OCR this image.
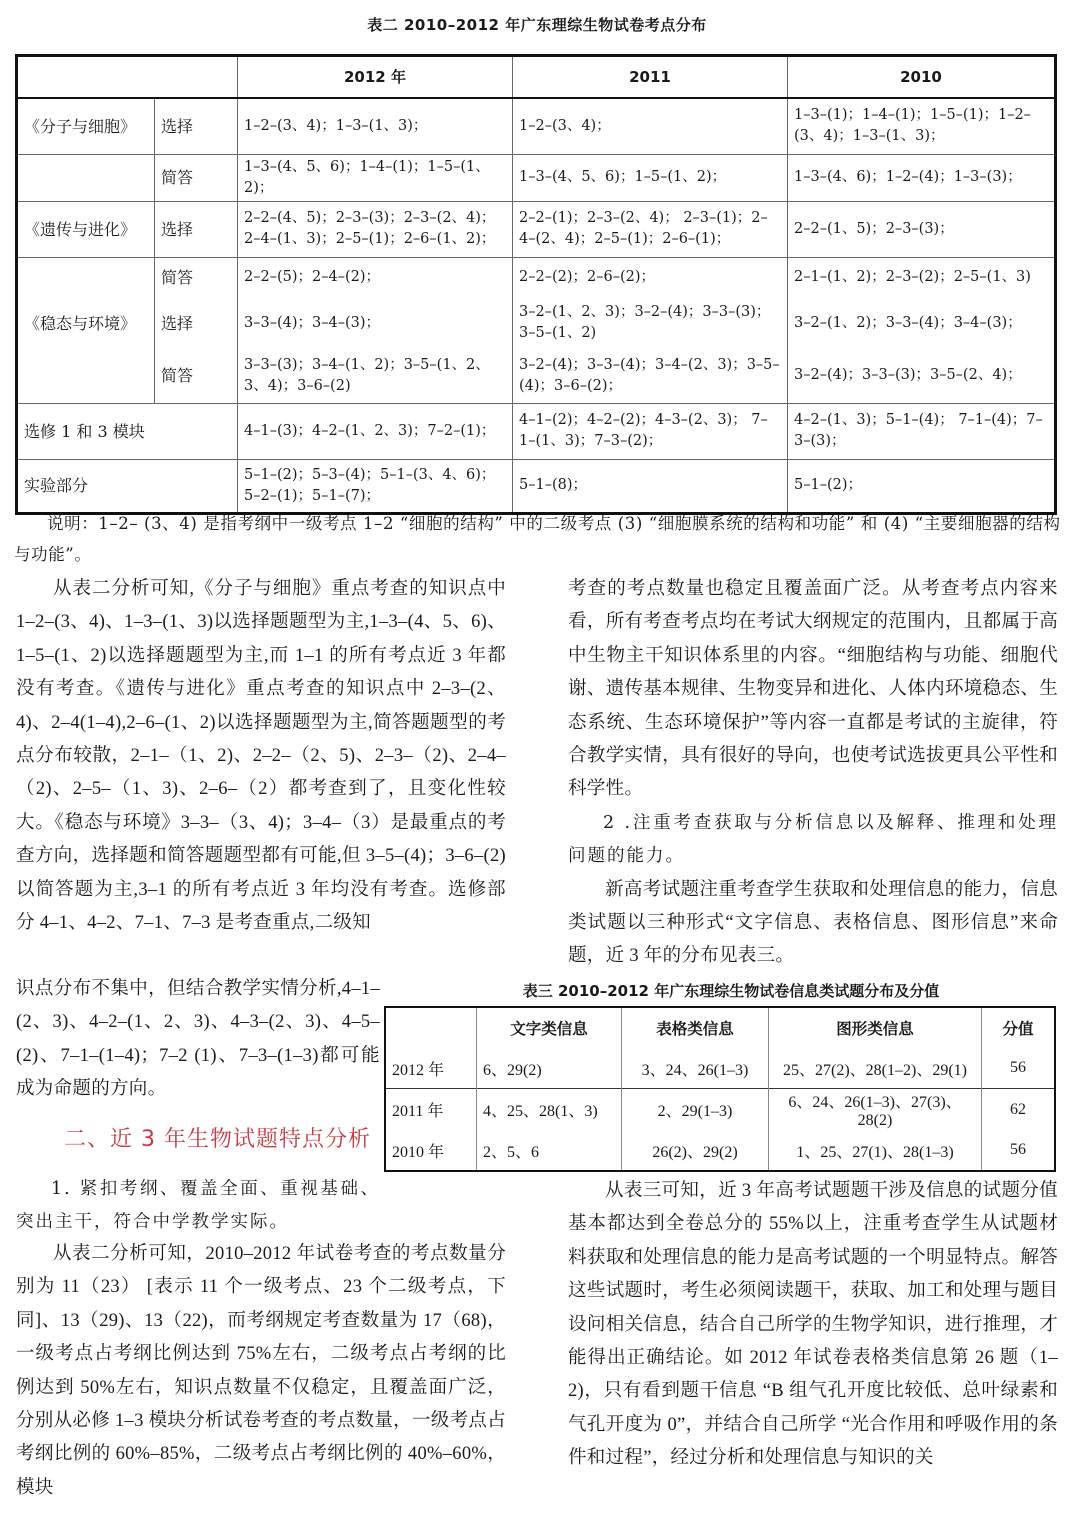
表二 2010–2012 年广东理综生物试卷考点分布
		2012 年	2011	2010
《分子与细胞》	选择	1–2–(3、4)；1–3–(1、3)；	1–2–(3、4)；	1–3–(1)；1–4–(1)；1–5–(1)；1–2–(3、4)；1–3–(1、3)；
	简答	1–3–(4、5、6)；1–4–(1)；1–5–(1、2)；	1–3–(4、5、6)；1–5–(1、2)；	1–3–(4、6)；1–2–(4)；1–3–(3)；
《遗传与进化》	选择	2–2–(4、5)；2–3–(3)；2–3–(2、4)；2–4–(1、3)；2–5–(1)；2–6–(1、2)；	2–2–(1)；2–3–(2、4)； 2–3–(1)；2–4–(2、4)；2–5–(1)；2–6–(1)；	2–2–(1、5)；2–3–(3)；
	简答	2–2–(5)；2–4–(2)；	2–2–(2)；2–6–(2)；	2–1–(1、2)；2–3–(2)；2–5–(1、3)
《稳态与环境》	选择	3–3–(4)；3–4–(3)；	3–2–(1、2、3)；3–2–(4)；3–3–(3)；3–5–(1、2)	3–2–(1、2)；3–3–(4)；3–4–(3)；
	简答	3–3–(3)；3–4–(1、2)；3–5–(1、2、3、4)；3–6–(2)	3–2–(4)；3–3–(4)；3–4–(2、3)；3–5–(4)；3–6–(2)；	3–2–(4)；3–3–(3)；3–5–(2、4)；
选修 1 和 3 模块		4–1–(3)；4–2–(1、2、3)；7–2–(1)；	4–1–(2)；4–2–(2)；4–3–(2、3)； 7–1–(1、3)；7–3–(2)；	4–2–(1、3)；5–1–(4)； 7–1–(4)；7–3–(3)；
实验部分		5–1–(2)；5–3–(4)；5–1–(3、4、6)；5–2–(1)；5–1–(7)；	5–1–(8)；	5–1–(2)；
说明：1–2– (3、4) 是指考纲中一级考点 1–2 “细胞的结构” 中的二级考点 (3) “细胞膜系统的结构和功能” 和 (4) “主要细胞器的结构与功能”。

从表二分析可知,《分子与细胞》重点考查的知识点中 1–2–(3、4)、1–3–(1、3)以选择题题型为主,1–3–(4、5、6)、1–5–(1、2)以选择题题型为主,而 1–1 的所有考点近 3 年都没有考查。《遗传与进化》重点考查的知识点中 2–3–(2、4)、2–4(1–4),2–6–(1、2)以选择题题型为主,简答题题型的考点分布较散，2–1–（1、2)、2–2–（2、5)、2–3–（2)、2–4–（2)、2–5–（1、3)、2–6–（2）都考查到了，且变化性较大。《稳态与环境》3–3–（3、4)；3–4–（3）是最重点的考查方向，选择题和简答题题型都有可能,但 3–5–(4)；3–6–(2)以简答题为主,3–1 的所有考点近 3 年均没有考查。选修部分 4–1、4–2、7–1、7–3 是考查重点,二级知

识点分布不集中，但结合教学实情分析,4–1–(2、3)、4–2–(1、2、3)、4–3–(2、3)、4–5–(2)、7–1–(1–4)；7–2 (1)、7–3–(1–3)都可能成为命题的方向。

二、近 3 年生物试题特点分析

1. 紧扣考纲、覆盖全面、重视基础、突出主干，符合中学教学实际。

从表二分析可知，2010–2012 年试卷考查的考点数量分别为 11（23） [表示 11 个一级考点、23 个二级考点，下同]、13（29)、13（22)，而考纲规定考查数量为 17（68)，一级考点占考纲比例达到 75%左右，二级考点占考纲的比例达到 50%左右，知识点数量不仅稳定，且覆盖面广泛，分别从必修 1–3 模块分析试卷考查的考点数量，一级考点占考纲比例的 60%–85%，二级考点占考纲比例的 40%–60%，模块

考查的考点数量也稳定且覆盖面广泛。从考查考点内容来看，所有考查考点均在考试大纲规定的范围内，且都属于高中生物主干知识体系里的内容。“细胞结构与功能、细胞代谢、遗传基本规律、生物变异和进化、人体内环境稳态、生态系统、生态环境保护”等内容一直都是考试的主旋律，符合教学实情，具有很好的导向，也使考试选拔更具公平性和科学性。

2 .注重考查获取与分析信息以及解释、推理和处理问题的能力。

新高考试题注重考查学生获取和处理信息的能力，信息类试题以三种形式“文字信息、表格信息、图形信息”来命题，近 3 年的分布见表三。

表三 2010–2012 年广东理综生物试卷信息类试题分布及分值
	文字类信息	表格类信息	图形类信息	分值
2012 年	6、29(2)	3、24、26(1–3)	25、27(2)、28(1–2)、29(1)	56
2011 年	4、25、28(1、3)	2、29(1–3)	6、24、26(1–3)、27(3)、28(2)	62
2010 年	2、5、6	26(2)、29(2)	1、25、27(1)、28(1–3)	56

从表三可知，近 3 年高考试题题干涉及信息的试题分值基本都达到全卷总分的 55%以上，注重考查学生从试题材料获取和处理信息的能力是高考试题的一个明显特点。解答这些试题时，考生必须阅读题干，获取、加工和处理与题目设问相关信息，结合自己所学的生物学知识，进行推理，才能得出正确结论。如 2012 年试卷表格类信息第 26 题（1–2)，只有看到题干信息 “B 组气孔开度比较低、总叶绿素和气孔开度为 0”，并结合自己所学 “光合作用和呼吸作用的条件和过程”，经过分析和处理信息与知识的关
